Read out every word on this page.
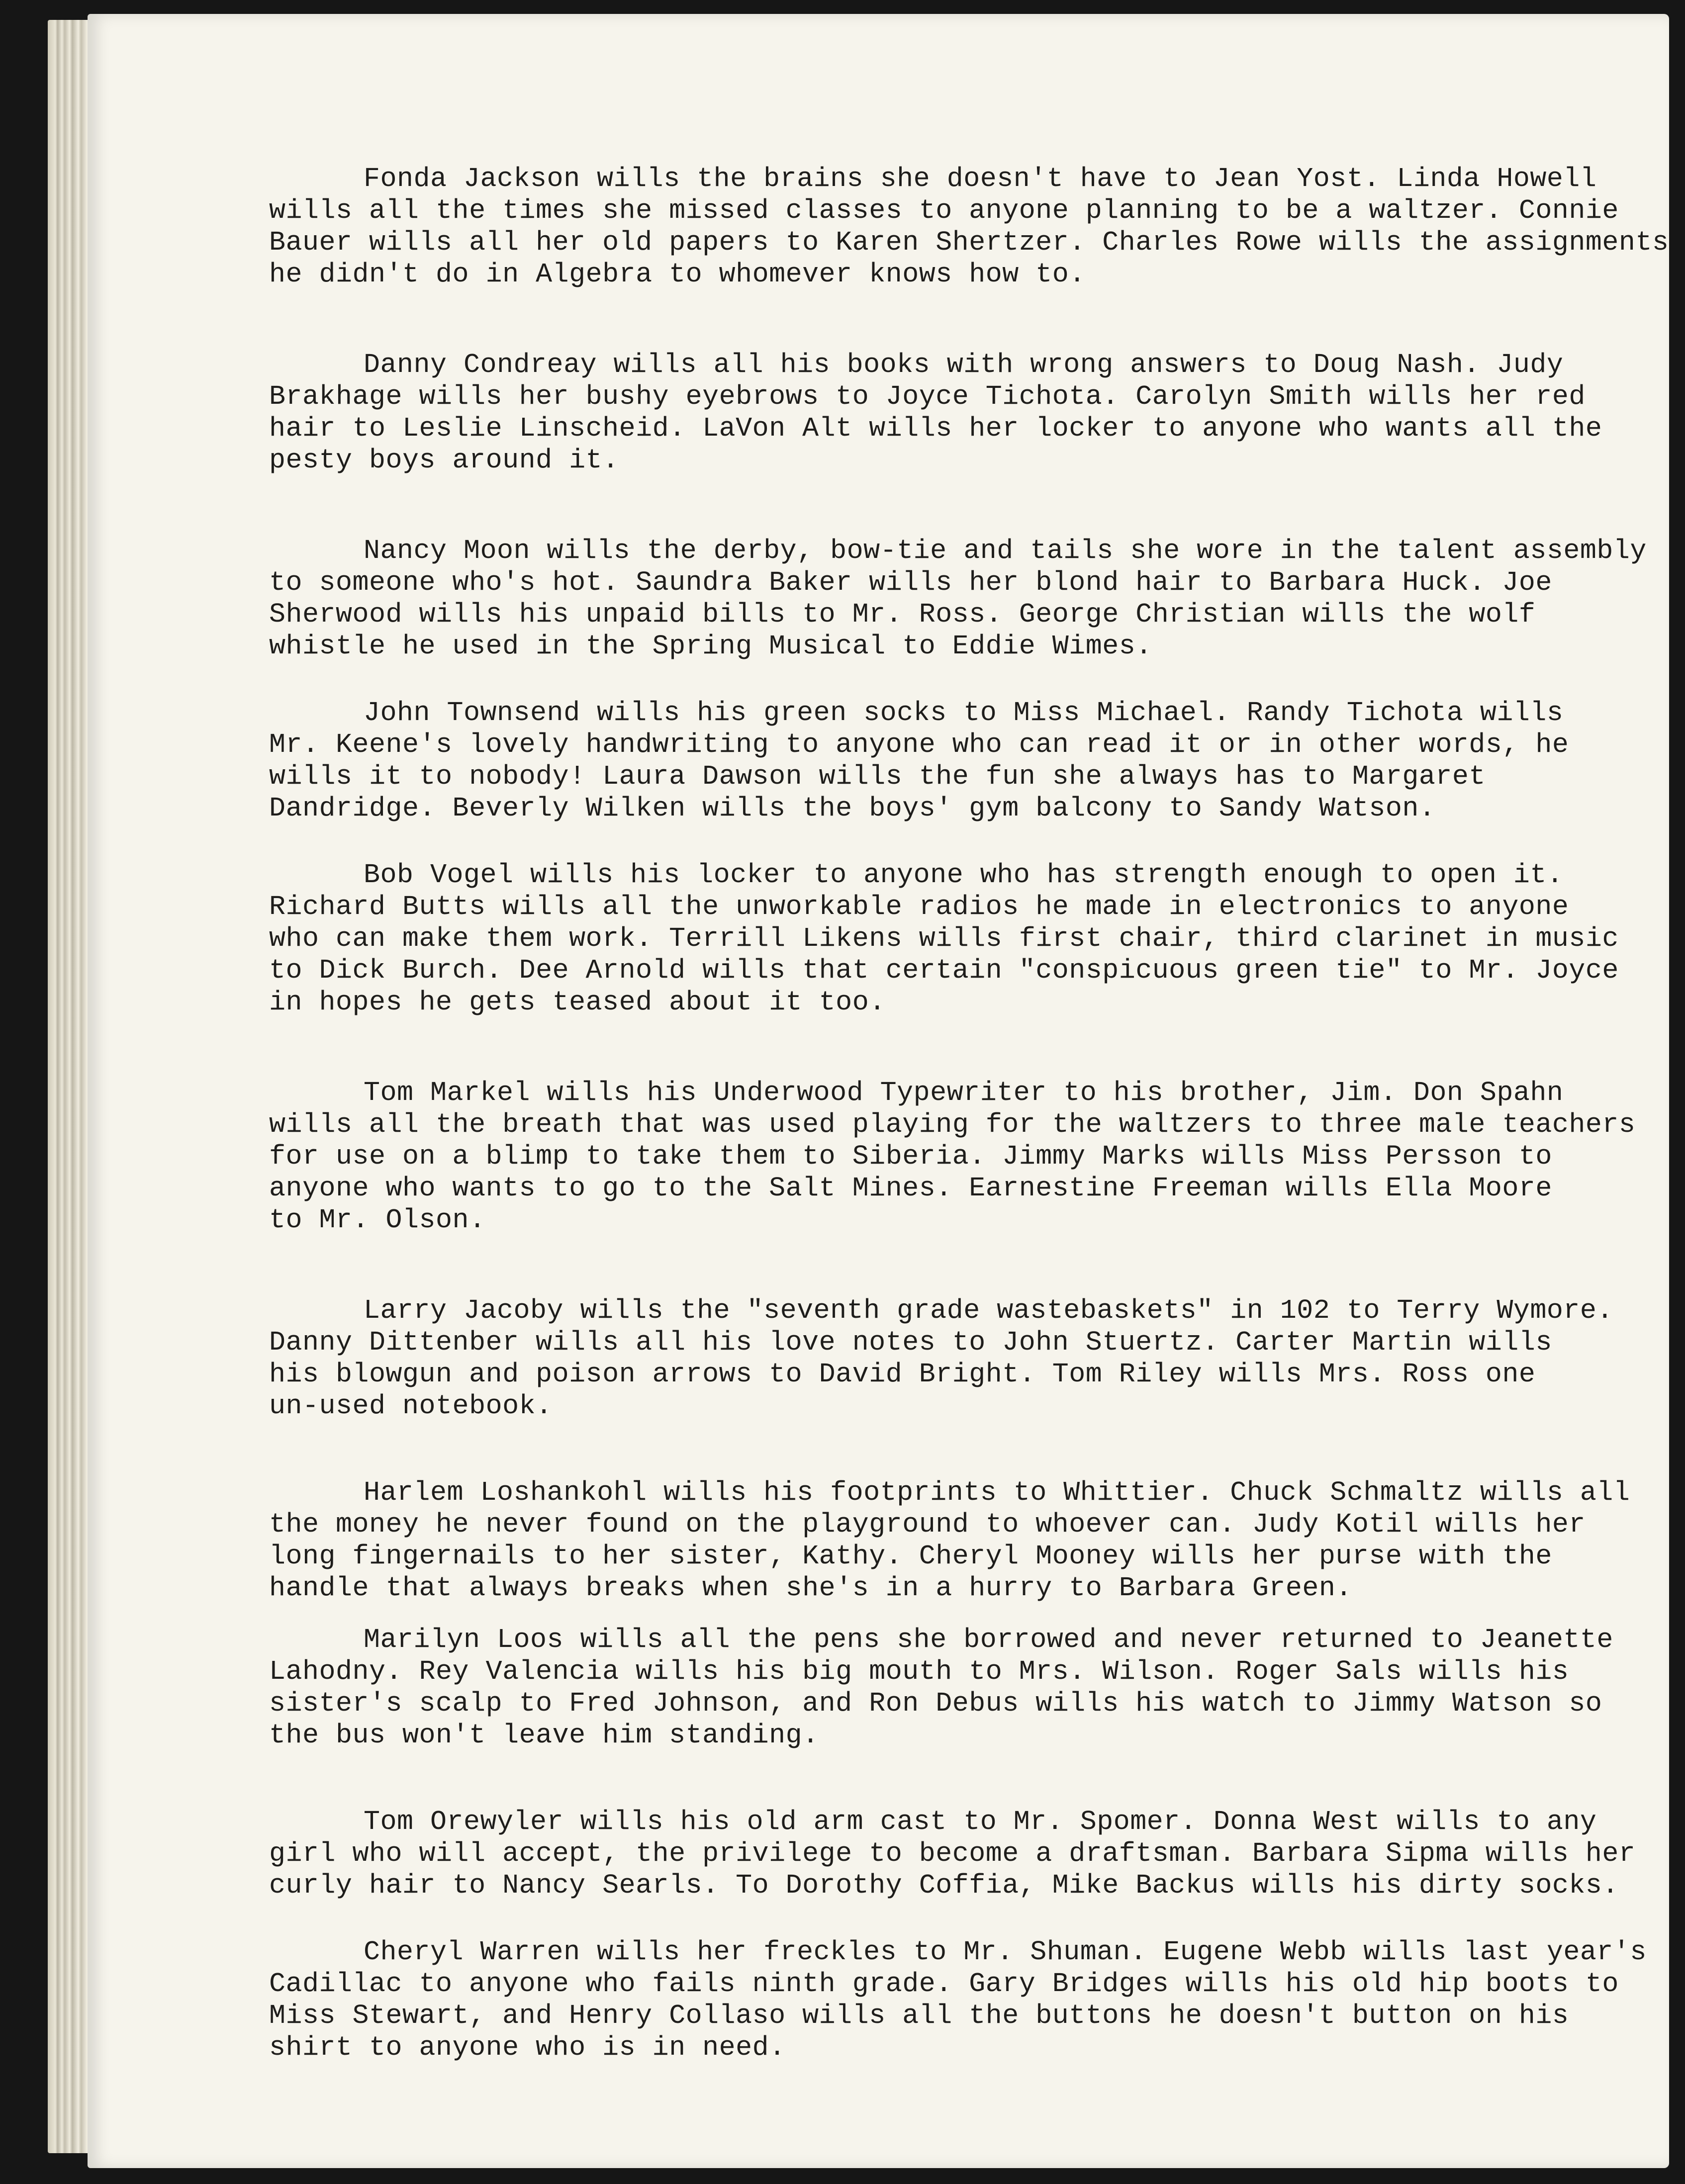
Fonda Jackson wills the brains she doesn't have to Jean Yost. Linda Howell
wills all the times she missed classes to anyone planning to be a waltzer. Connie
Bauer wills all her old papers to Karen Shertzer. Charles Rowe wills the assignments
he didn't do in Algebra to whomever knows how to.
Danny Condreay wills all his books with wrong answers to Doug Nash. Judy
Brakhage wills her bushy eyebrows to Joyce Tichota. Carolyn Smith wills her red
hair to Leslie Linscheid. LaVon Alt wills her locker to anyone who wants all the
pesty boys around it.
Nancy Moon wills the derby, bow-tie and tails she wore in the talent assembly
to someone who's hot. Saundra Baker wills her blond hair to Barbara Huck. Joe
Sherwood wills his unpaid bills to Mr. Ross. George Christian wills the wolf
whistle he used in the Spring Musical to Eddie Wimes.
John Townsend wills his green socks to Miss Michael. Randy Tichota wills
Mr. Keene's lovely handwriting to anyone who can read it or in other words, he
wills it to nobody! Laura Dawson wills the fun she always has to Margaret
Dandridge. Beverly Wilken wills the boys' gym balcony to Sandy Watson.
Bob Vogel wills his locker to anyone who has strength enough to open it.
Richard Butts wills all the unworkable radios he made in electronics to anyone
who can make them work. Terrill Likens wills first chair, third clarinet in music
to Dick Burch. Dee Arnold wills that certain "conspicuous green tie" to Mr. Joyce
in hopes he gets teased about it too.
Tom Markel wills his Underwood Typewriter to his brother, Jim. Don Spahn
wills all the breath that was used playing for the waltzers to three male teachers
for use on a blimp to take them to Siberia. Jimmy Marks wills Miss Persson to
anyone who wants to go to the Salt Mines. Earnestine Freeman wills Ella Moore
to Mr. Olson.
Larry Jacoby wills the "seventh grade wastebaskets" in 102 to Terry Wymore.
Danny Dittenber wills all his love notes to John Stuertz. Carter Martin wills
his blowgun and poison arrows to David Bright. Tom Riley wills Mrs. Ross one
un-used notebook.
Harlem Loshankohl wills his footprints to Whittier. Chuck Schmaltz wills all
the money he never found on the playground to whoever can. Judy Kotil wills her
long fingernails to her sister, Kathy. Cheryl Mooney wills her purse with the
handle that always breaks when she's in a hurry to Barbara Green.
Marilyn Loos wills all the pens she borrowed and never returned to Jeanette
Lahodny. Rey Valencia wills his big mouth to Mrs. Wilson. Roger Sals wills his
sister's scalp to Fred Johnson, and Ron Debus wills his watch to Jimmy Watson so
the bus won't leave him standing.
Tom Orewyler wills his old arm cast to Mr. Spomer. Donna West wills to any
girl who will accept, the privilege to become a draftsman. Barbara Sipma wills her
curly hair to Nancy Searls. To Dorothy Coffia, Mike Backus wills his dirty socks.
Cheryl Warren wills her freckles to Mr. Shuman. Eugene Webb wills last year's
Cadillac to anyone who fails ninth grade. Gary Bridges wills his old hip boots to
Miss Stewart, and Henry Collaso wills all the buttons he doesn't button on his
shirt to anyone who is in need.
